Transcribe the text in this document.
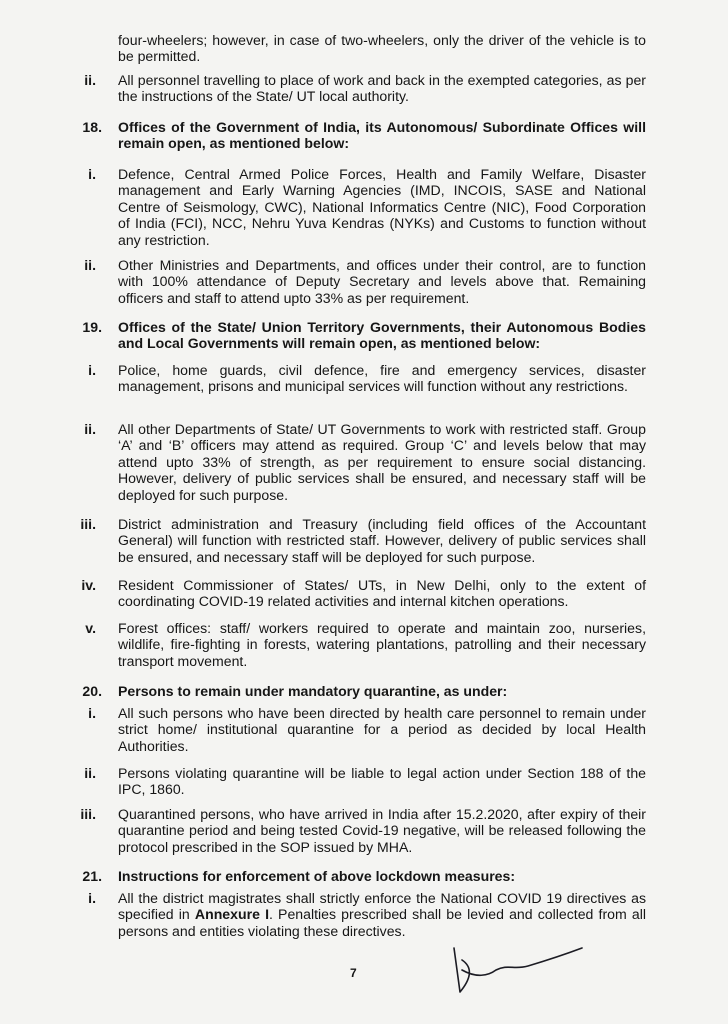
four-wheelers; however, in case of two-wheelers, only the driver of the vehicle is to be permitted.

ii. All personnel travelling to place of work and back in the exempted categories, as per the instructions of the State/ UT local authority.

18. Offices of the Government of India, its Autonomous/ Subordinate Offices will remain open, as mentioned below:

i. Defence, Central Armed Police Forces, Health and Family Welfare, Disaster management and Early Warning Agencies (IMD, INCOIS, SASE and National Centre of Seismology, CWC), National Informatics Centre (NIC), Food Corporation of India (FCI), NCC, Nehru Yuva Kendras (NYKs) and Customs to function without any restriction.

ii. Other Ministries and Departments, and offices under their control, are to function with 100% attendance of Deputy Secretary and levels above that. Remaining officers and staff to attend upto 33% as per requirement.

19. Offices of the State/ Union Territory Governments, their Autonomous Bodies and Local Governments will remain open, as mentioned below:

i. Police, home guards, civil defence, fire and emergency services, disaster management, prisons and municipal services will function without any restrictions.

ii. All other Departments of State/ UT Governments to work with restricted staff. Group ‘A’ and ‘B’ officers may attend as required. Group ‘C’ and levels below that may attend upto 33% of strength, as per requirement to ensure social distancing. However, delivery of public services shall be ensured, and necessary staff will be deployed for such purpose.

iii. District administration and Treasury (including field offices of the Accountant General) will function with restricted staff. However, delivery of public services shall be ensured, and necessary staff will be deployed for such purpose.

iv. Resident Commissioner of States/ UTs, in New Delhi, only to the extent of coordinating COVID-19 related activities and internal kitchen operations.

v. Forest offices: staff/ workers required to operate and maintain zoo, nurseries, wildlife, fire-fighting in forests, watering plantations, patrolling and their necessary transport movement.

20. Persons to remain under mandatory quarantine, as under:

i. All such persons who have been directed by health care personnel to remain under strict home/ institutional quarantine for a period as decided by local Health Authorities.

ii. Persons violating quarantine will be liable to legal action under Section 188 of the IPC, 1860.

iii. Quarantined persons, who have arrived in India after 15.2.2020, after expiry of their quarantine period and being tested Covid-19 negative, will be released following the protocol prescribed in the SOP issued by MHA.

21. Instructions for enforcement of above lockdown measures:

i. All the district magistrates shall strictly enforce the National COVID 19 directives as specified in Annexure I. Penalties prescribed shall be levied and collected from all persons and entities violating these directives.

7
